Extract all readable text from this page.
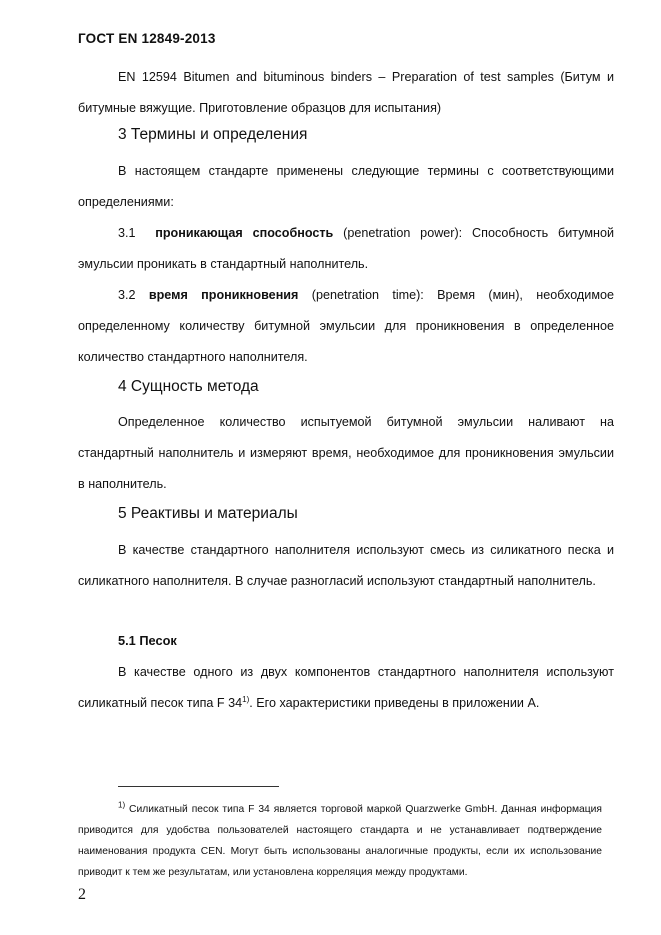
ГОСТ EN 12849-2013

EN 12594 Bitumen and bituminous binders – Preparation of test samples (Битум и битумные вяжущие. Приготовление образцов для испытания)

3 Термины и определения

В настоящем стандарте применены следующие термины с соответствующими определениями:

3.1 проникающая способность (penetration power): Способность битумной эмульсии проникать в стандартный наполнитель.

3.2 время проникновения (penetration time): Время (мин), необходимое определенному количеству битумной эмульсии для проникновения в определенное количество стандартного наполнителя.

4 Сущность метода

Определенное количество испытуемой битумной эмульсии наливают на стандартный наполнитель и измеряют время, необходимое для проникновения эмульсии в наполнитель.

5 Реактивы и материалы

В качестве стандартного наполнителя используют смесь из силикатного песка и силикатного наполнителя. В случае разногласий используют стандартный наполнитель.

5.1 Песок

В качестве одного из двух компонентов стандартного наполнителя используют силикатный песок типа F 34$^{1)}$. Его характеристики приведены в приложении А.

$^{1)}$ Силикатный песок типа F 34 является торговой маркой Quarzwerke GmbH. Данная информация приводится для удобства пользователей настоящего стандарта и не устанавливает подтверждение наименования продукта CEN. Могут быть использованы аналогичные продукты, если их использование приводит к тем же результатам, или установлена корреляция между продуктами.

2
